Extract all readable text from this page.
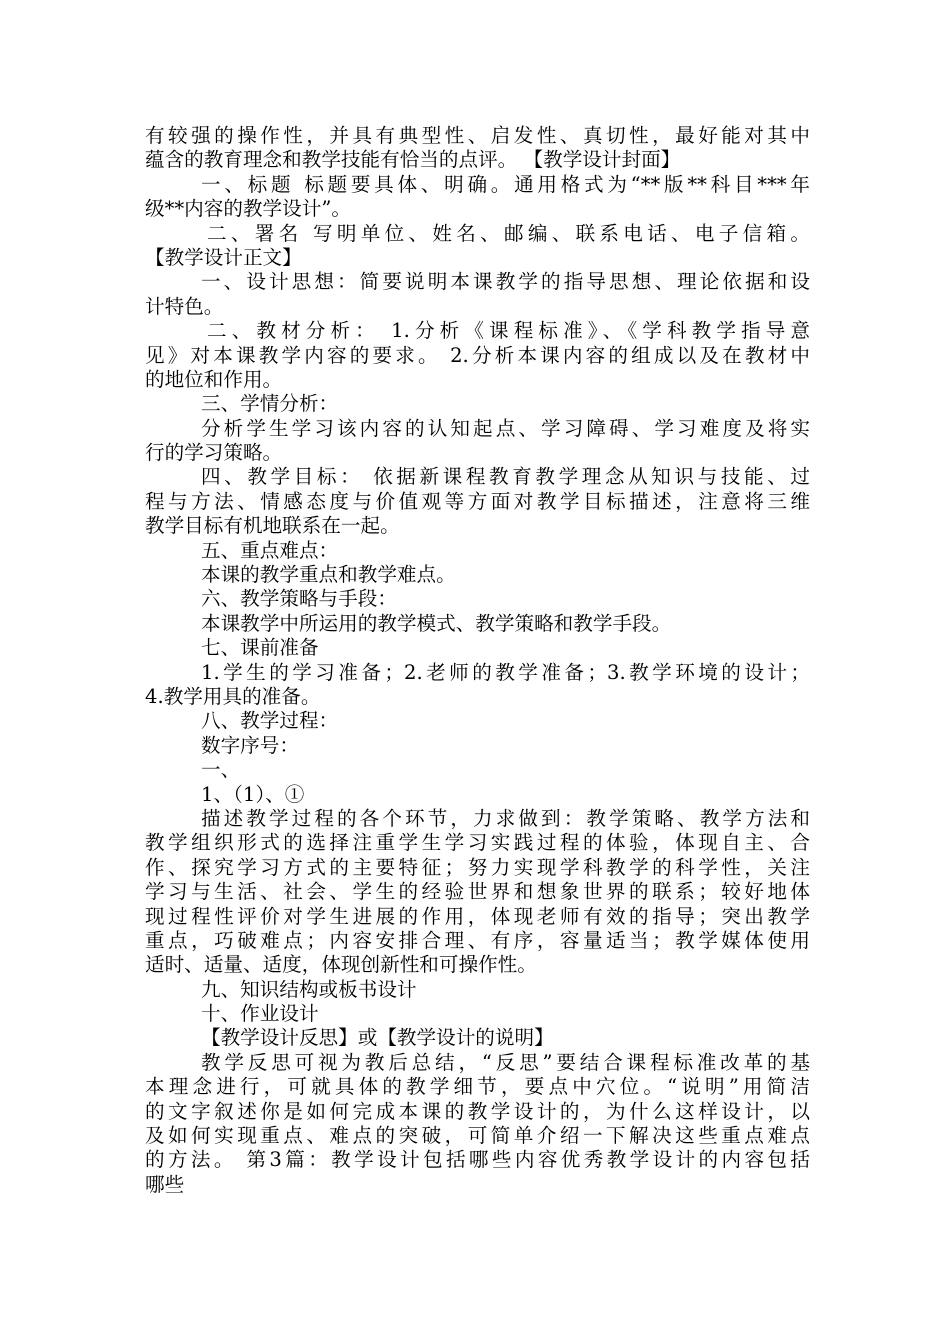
有较强的操作性，并具有典型性、启发性、真切性，最好能对其中
蕴含的教育理念和教学技能有恰当的点评。 【教学设计封面】
一、标题 标题要具体、明确。通用格式为“**版**科目***年
级**内容的教学设计”。
二、署名 写明单位、姓名、邮编、联系电话、电子信箱。
【教学设计正文】
一、设计思想：简要说明本课教学的指导思想、理论依据和设
计特色。
二、教材分析： 1.分析《课程标准》、《学科教学指导意
见》对本课教学内容的要求。 2.分析本课内容的组成以及在教材中
的地位和作用。
三、学情分析：
分析学生学习该内容的认知起点、学习障碍、学习难度及将实
行的学习策略。
四、教学目标： 依据新课程教育教学理念从知识与技能、过
程与方法、情感态度与价值观等方面对教学目标描述，注意将三维
教学目标有机地联系在一起。
五、重点难点：
本课的教学重点和教学难点。
六、教学策略与手段：
本课教学中所运用的教学模式、教学策略和教学手段。
七、课前准备
1.学生的学习准备；2.老师的教学准备；3.教学环境的设计；
4.教学用具的准备。
八、教学过程：
数字序号：
一、
1、（1）、①
描述教学过程的各个环节，力求做到：教学策略、教学方法和
教学组织形式的选择注重学生学习实践过程的体验，体现自主、合
作、探究学习方式的主要特征；努力实现学科教学的科学性，关注
学习与生活、社会、学生的经验世界和想象世界的联系；较好地体
现过程性评价对学生进展的作用，体现老师有效的指导；突出教学
重点，巧破难点；内容安排合理、有序，容量适当；教学媒体使用
适时、适量、适度，体现创新性和可操作性。
九、知识结构或板书设计
十、作业设计
【教学设计反思】或【教学设计的说明】
教学反思可视为教后总结，“反思”要结合课程标准改革的基
本理念进行，可就具体的教学细节，要点中穴位。“说明”用简洁
的文字叙述你是如何完成本课的教学设计的，为什么这样设计，以
及如何实现重点、难点的突破，可简单介绍一下解决这些重点难点
的方法。 第3篇：教学设计包括哪些内容优秀教学设计的内容包括
哪些
